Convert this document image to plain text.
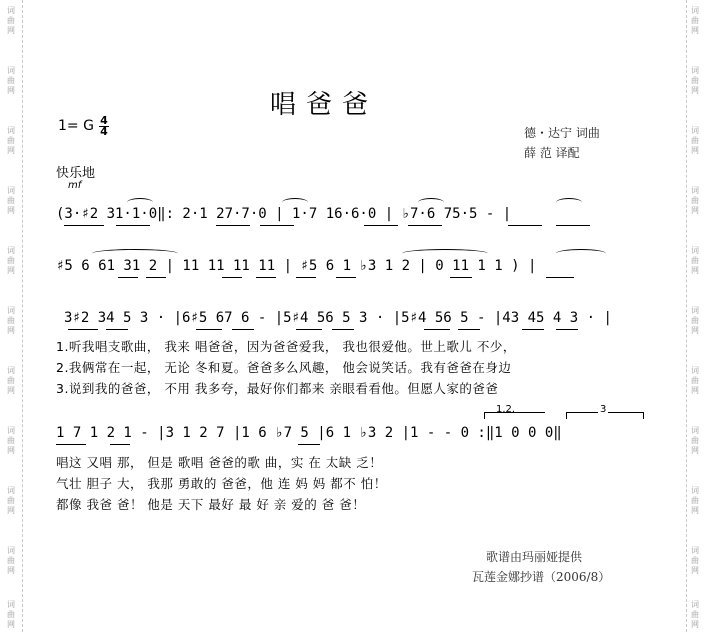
词
曲
网
词
曲
网
词
曲
网
词
曲
网
词
曲
网
词
曲
网
词
曲
网
词
曲
网
词
曲
网
词
曲
网
词
曲
网
词
曲
网
词
曲
网
词
曲
网
词
曲
网
词
曲
网
词
曲
网
词
曲
网
词
曲
网
词
曲
网
词
曲
网
词
曲
网
唱爸爸
1= G 4
4	德・达宁 词曲
薛 范 译配
快乐地
mf
(3·♯2 31·1·0‖: 2·1 27·7·0 | 1·7 16·6·0 | ♭7·6 75·5 - |
♯5 6 61 31 2 | 11 11 11 11 | ♯5 6 1 ♭3 1 2 | 0 11 1 1 ) |
3♯2 34 5 3 · |6♯5 67 6 - |5♯4 56 5 3 · |5♯4 56 5 - |43 45 4 3 · |
1.听我唱支歌曲， 我来 唱爸爸，因为爸爸爱我， 我也很爱他。世上歌儿 不少，
2.我俩常在一起， 无论 冬和夏。爸爸多么风趣， 他会说笑话。我有爸爸在身边
3.说到我的爸爸， 不用 我多夸，最好你们都来 亲眼看看他。但愿人家的爸爸
1.2.	3
1 7 1 2 1 - |3 1 2 7 |1 6 ♭7 5 |6 1 ♭3 2 |1 - - 0 :‖1 0 0 0‖
唱这 又唱 那， 但是 歌唱 爸爸的歌 曲，实 在 太缺 乏！
气壮 胆子 大， 我那 勇敢的 爸爸，他 连 妈 妈 都不 怕！
都像 我爸 爸！ 他是 天下 最好 最 好 亲 爱的 爸 爸！
歌谱由玛丽娅提供
瓦莲金娜抄谱（2006/8）
